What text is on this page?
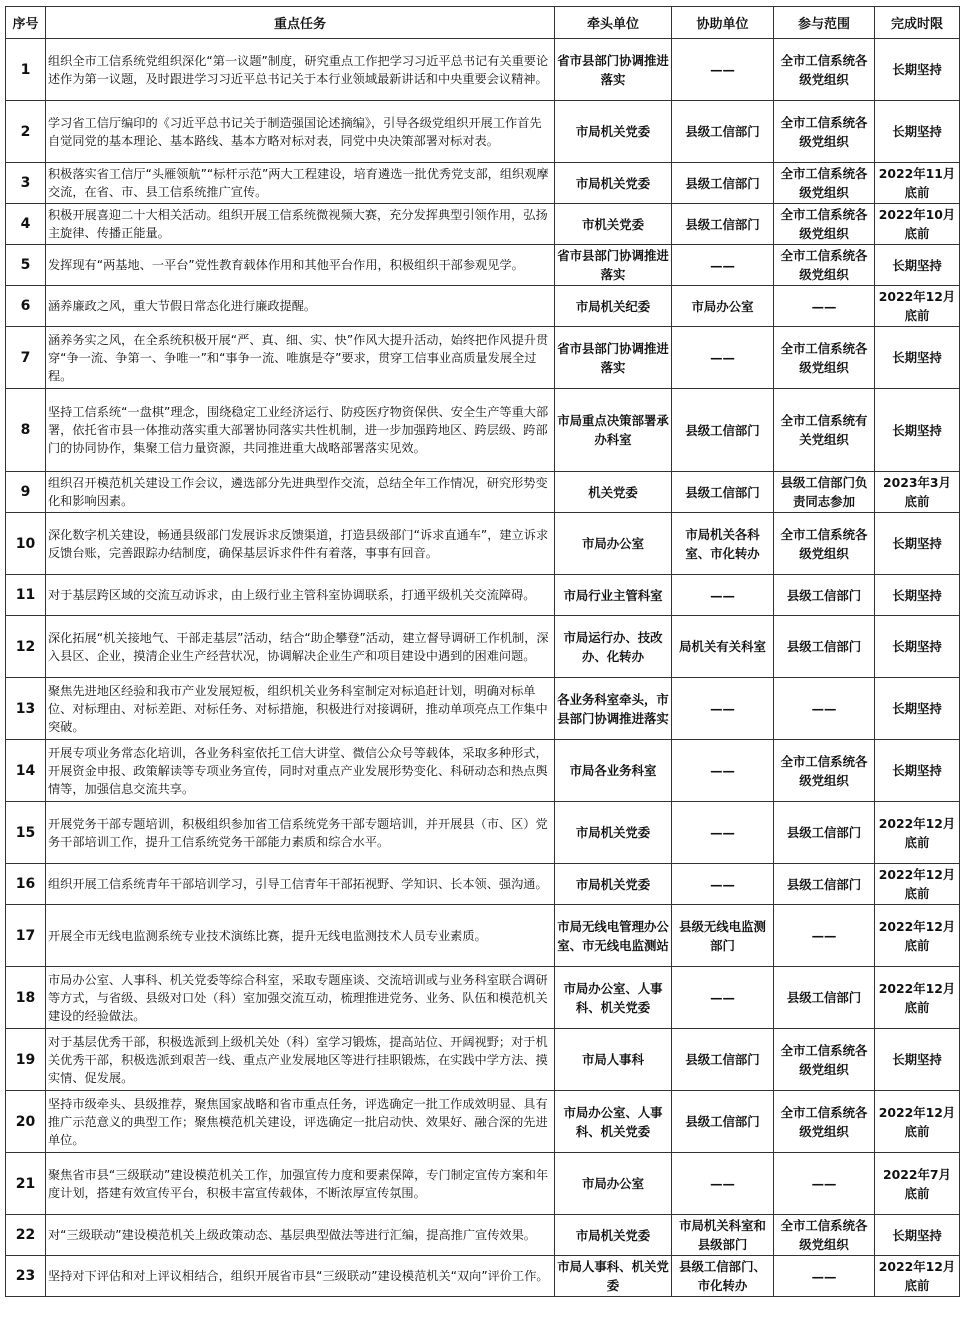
序号	重点任务	牵头单位	协助单位	参与范围	完成时限
1	组织全市工信系统党组织深化“第一议题”制度，研究重点工作把学习习近平总书记有关重要论述作为第一议题，及时跟进学习习近平总书记关于本行业领域最新讲话和中央重要会议精神。	省市县部门协调推进落实	——	全市工信系统各级党组织	长期坚持
2	学习省工信厅编印的《习近平总书记关于制造强国论述摘编》，引导各级党组织开展工作首先自觉同党的基本理论、基本路线、基本方略对标对表，同党中央决策部署对标对表。	市局机关党委	县级工信部门	全市工信系统各级党组织	长期坚持
3	积极落实省工信厅“头雁领航”“标杆示范”两大工程建设，培育遴选一批优秀党支部，组织观摩交流，在省、市、县工信系统推广宣传。	市局机关党委	县级工信部门	全市工信系统各级党组织	2022年11月底前
4	积极开展喜迎二十大相关活动。组织开展工信系统微视频大赛，充分发挥典型引领作用，弘扬主旋律、传播正能量。	市机关党委	县级工信部门	全市工信系统各级党组织	2022年10月底前
5	发挥现有“两基地、一平台”党性教育载体作用和其他平台作用，积极组织干部参观见学。	省市县部门协调推进落实	——	全市工信系统各级党组织	长期坚持
6	涵养廉政之风，重大节假日常态化进行廉政提醒。	市局机关纪委	市局办公室	——	2022年12月底前
7	涵养务实之风，在全系统积极开展“严、真、细、实、快”作风大提升活动，始终把作风提升贯穿“争一流、争第一、争唯一”和“事争一流、唯旗是夺”要求，贯穿工信事业高质量发展全过程。	省市县部门协调推进落实	——	全市工信系统各级党组织	长期坚持
8	坚持工信系统“一盘棋”理念，围绕稳定工业经济运行、防疫医疗物资保供、安全生产等重大部署，依托省市县一体推动落实重大部署协同落实共性机制，进一步加强跨地区、跨层级、跨部门的协同协作，集聚工信力量资源，共同推进重大战略部署落实见效。	市局重点决策部署承办科室	县级工信部门	全市工信系统有关党组织	长期坚持
9	组织召开模范机关建设工作会议，遴选部分先进典型作交流，总结全年工作情况，研究形势变化和影响因素。	机关党委	县级工信部门	县级工信部门负责同志参加	2023年3月底前
10	深化数字机关建设，畅通县级部门发展诉求反馈渠道，打造县级部门“诉求直通车”，建立诉求反馈台账，完善跟踪办结制度，确保基层诉求件件有着落，事事有回音。	市局办公室	市局机关各科室、市化转办	全市工信系统各级党组织	长期坚持
11	对于基层跨区域的交流互动诉求，由上级行业主管科室协调联系，打通平级机关交流障碍。	市局行业主管科室	——	县级工信部门	长期坚持
12	深化拓展“机关接地气、干部走基层”活动，结合“助企攀登”活动，建立督导调研工作机制，深入县区、企业，摸清企业生产经营状况，协调解决企业生产和项目建设中遇到的困难问题。	市局运行办、技改办、化转办	局机关有关科室	县级工信部门	长期坚持
13	聚焦先进地区经验和我市产业发展短板，组织机关业务科室制定对标追赶计划，明确对标单位、对标理由、对标差距、对标任务、对标措施，积极进行对接调研，推动单项亮点工作集中突破。	各业务科室牵头，市县部门协调推进落实	——	——	长期坚持
14	开展专项业务常态化培训，各业务科室依托工信大讲堂、微信公众号等载体，采取多种形式，开展资金申报、政策解读等专项业务宣传，同时对重点产业发展形势变化、科研动态和热点舆情等，加强信息交流共享。	市局各业务科室	——	全市工信系统各级党组织	长期坚持
15	开展党务干部专题培训，积极组织参加省工信系统党务干部专题培训，并开展县（市、区）党务干部培训工作，提升工信系统党务干部能力素质和综合水平。	市局机关党委	——	县级工信部门	2022年12月底前
16	组织开展工信系统青年干部培训学习，引导工信青年干部拓视野、学知识、长本领、强沟通。	市局机关党委	——	县级工信部门	2022年12月底前
17	开展全市无线电监测系统专业技术演练比赛，提升无线电监测技术人员专业素质。	市局无线电管理办公室、市无线电监测站	县级无线电监测部门	——	2022年12月底前
18	市局办公室、人事科、机关党委等综合科室，采取专题座谈、交流培训或与业务科室联合调研等方式，与省级、县级对口处（科）室加强交流互动，梳理推进党务、业务、队伍和模范机关建设的经验做法。	市局办公室、人事科、机关党委	——	县级工信部门	2022年12月底前
19	对于基层优秀干部，积极选派到上级机关处（科）室学习锻炼，提高站位、开阔视野；对于机关优秀干部，积极选派到艰苦一线、重点产业发展地区等进行挂职锻炼，在实践中学方法、摸实情、促发展。	市局人事科	县级工信部门	全市工信系统各级党组织	长期坚持
20	坚持市级牵头、县级推荐，聚焦国家战略和省市重点任务，评选确定一批工作成效明显、具有推广示范意义的典型工作；聚焦模范机关建设，评选确定一批启动快、效果好、融合深的先进单位。	市局办公室、人事科、机关党委	县级工信部门	全市工信系统各级党组织	2022年12月底前
21	聚焦省市县“三级联动”建设模范机关工作，加强宣传力度和要素保障，专门制定宣传方案和年度计划，搭建有效宣传平台，积极丰富宣传载体，不断浓厚宣传氛围。	市局办公室	——	——	2022年7月底前
22	对“三级联动”建设模范机关上级政策动态、基层典型做法等进行汇编，提高推广宣传效果。	市局机关党委	市局机关科室和县级部门	全市工信系统各级党组织	长期坚持
23	坚持对下评估和对上评议相结合，组织开展省市县“三级联动”建设模范机关“双向”评价工作。	市局人事科、机关党委	县级工信部门、市化转办	——	2022年12月底前
